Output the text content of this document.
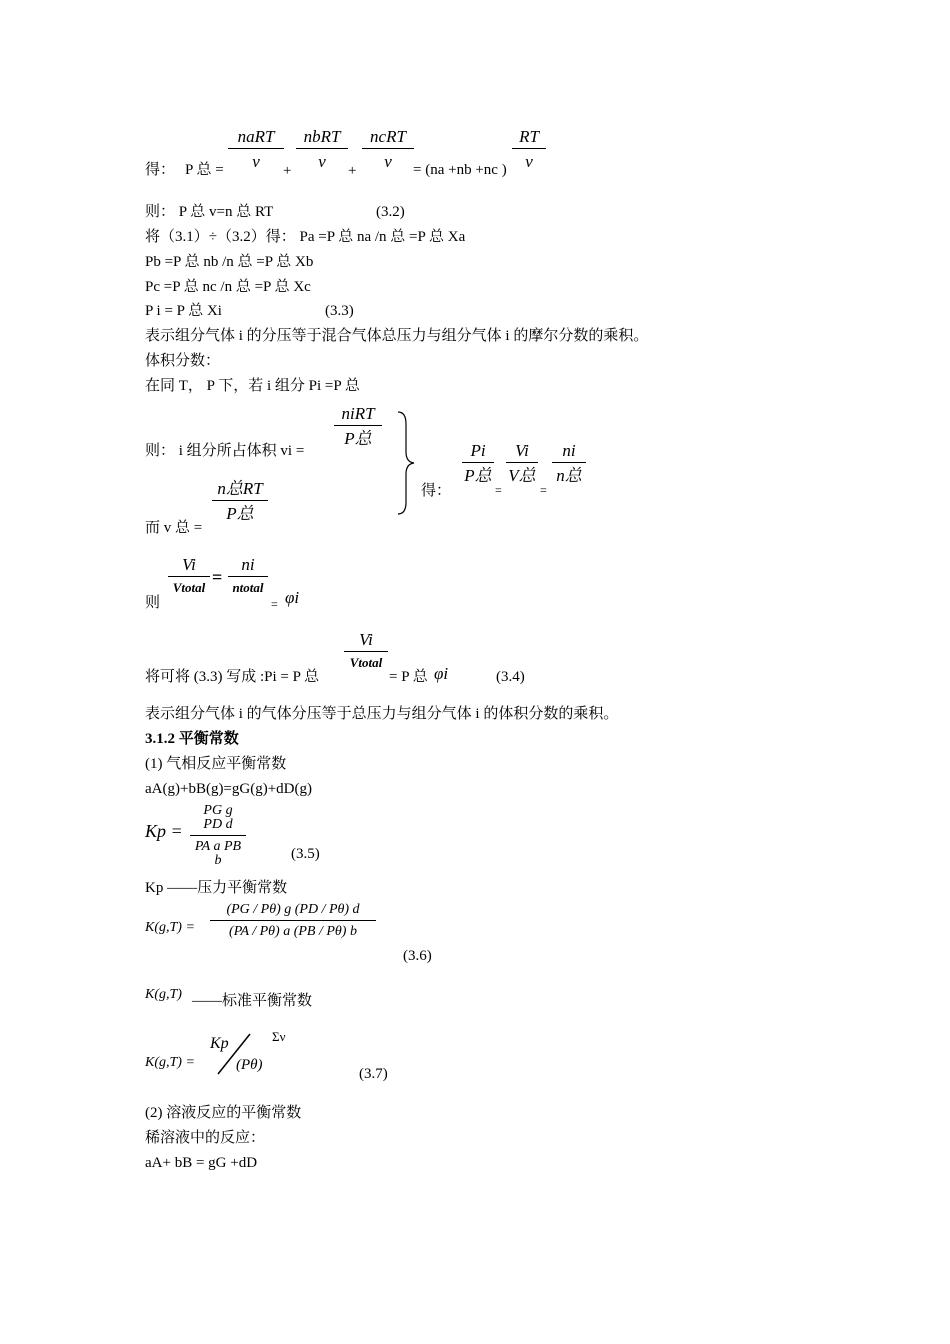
得： P 总 =
naRT
v	+
nbRT
v	+
ncRT
v	= (na +nb +nc ) $\frac{RT}{v}$
则： P 总 v=n 总 RT	(3.2)
将（3.1）÷（3.2）得： Pa =P 总 na /n 总 =P 总 Xa
Pb =P 总 nb /n 总 =P 总 Xb
Pc =P 总 nc /n 总 =P 总 Xc
P i = P 总 Xi	(3.3)
表示组分气体 i 的分压等于混合气体总压力与组分气体 i 的摩尔分数的乘积。
体积分数：
在同 T， P 下，若 i 组分 Pi =P 总
则： i 组分所占体积 vi =
niRT
P总
得：
Pi
P总
=
Vi
V总
=
ni
n总
n总RT
P总
而 v 总 =
则
Vi
Vtotal
=
ni
ntotal
= φi
将可将 (3.3) 写成 :Pi = P 总
Vi
Vtotal
= P 总 φi	(3.4)
表示组分气体 i 的气体分压等于总压力与组分气体 i 的体积分数的乘积。
3.1.2 平衡常数
(1) 气相反应平衡常数
aA(g)+bB(g)=gG(g)+dD(g)
$Kp = \frac{\text{PG g PD d}}{\text{PA a PB b}}$	(3.5)
Kp ——压力平衡常数
$K(g,T) = \frac{(PG / P\theta) g (PD / P\theta) d}{(PA / P\theta) a (PB / P\theta) b}$
(3.6)
K(g,T) ——标准平衡常数
K(g,T) =
Kp
(Pθ)
Σν
(3.7)
(2) 溶液反应的平衡常数
稀溶液中的反应：
aA+ bB = gG +dD
